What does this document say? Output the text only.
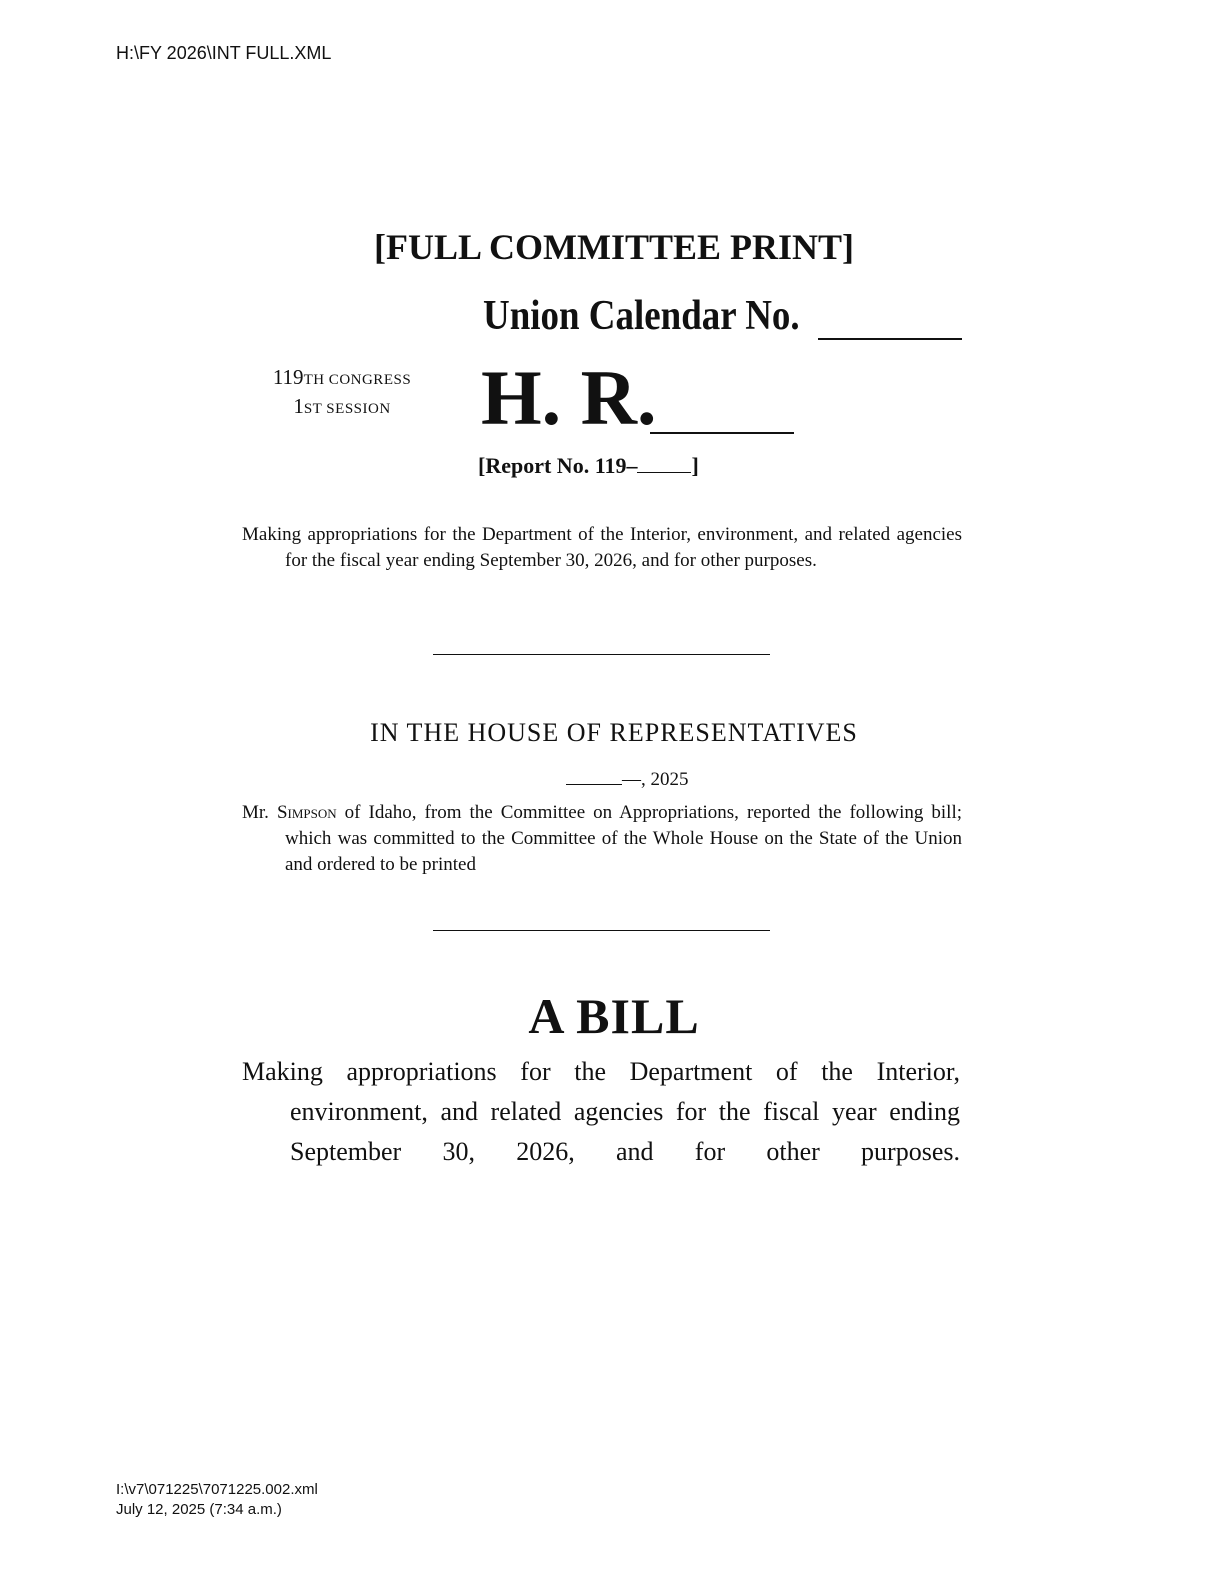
H:\FY 2026\INT FULL.XML
[FULL COMMITTEE PRINT]
Union Calendar No.
119TH CONGRESS
1ST SESSION	H. R.
[Report No. 119– ]
Making appropriations for the Department of the Interior, environment, and related agencies for the fiscal year ending September 30, 2026, and for other purposes.
IN THE HOUSE OF REPRESENTATIVES
—, 2025
Mr. Simpson of Idaho, from the Committee on Appropriations, reported the following bill; which was committed to the Committee of the Whole House on the State of the Union and ordered to be printed
A BILL
Making appropriations for the Department of the Interior, environment, and related agencies for the fiscal year ending September 30, 2026, and for other purposes.
I:\v7\071225\7071225.002.xml
July 12, 2025 (7:34 a.m.)
